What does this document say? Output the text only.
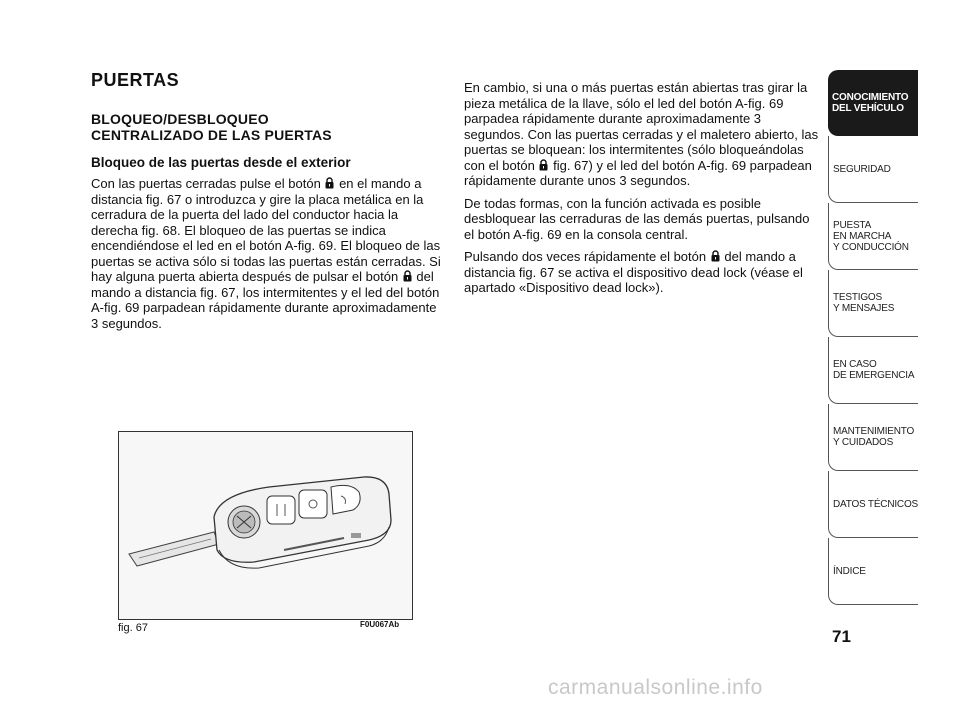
PUERTAS
BLOQUEO/DESBLOQUEO
CENTRALIZADO DE LAS PUERTAS
Bloqueo de las puertas desde el exterior

Con las puertas cerradas pulse el botón en el mando a distancia fig. 67 o introduzca y gire la placa metálica en la cerradura de la puerta del lado del conductor hacia la derecha fig. 68. El bloqueo de las puertas se indica encendiéndose el led en el botón A-fig. 69. El bloqueo de las puertas se activa sólo si todas las puertas están cerradas. Si hay alguna puerta abierta después de pulsar el botón del mando a distancia fig. 67, los intermitentes y el led del botón A-fig. 69 parpadean rápidamente durante aproximadamente 3 segundos.

En cambio, si una o más puertas están abiertas tras girar la pieza metálica de la llave, sólo el led del botón A-fig. 69 parpadea rápidamente durante aproximadamente 3 segundos. Con las puertas cerradas y el maletero abierto, las puertas se bloquean: los intermitentes (sólo bloqueándolas con el botón fig. 67) y el led del botón A-fig. 69 parpadean rápidamente durante unos 3 segundos.

De todas formas, con la función activada es posible desbloquear las cerraduras de las demás puertas, pulsando el botón A-fig. 69 en la consola central.

Pulsando dos veces rápidamente el botón del mando a distancia fig. 67 se activa el dispositivo dead lock (véase el apartado «Dispositivo dead lock»).

fig. 67	F0U067Ab
CONOCIMIENTO
DEL VEHÍCULO
SEGURIDAD
PUESTA
EN MARCHA
Y CONDUCCIÓN
TESTIGOS
Y MENSAJES
EN CASO
DE EMERGENCIA
MANTENIMIENTO
Y CUIDADOS
DATOS TÉCNICOS
ÍNDICE
71
carmanualsonline.info
